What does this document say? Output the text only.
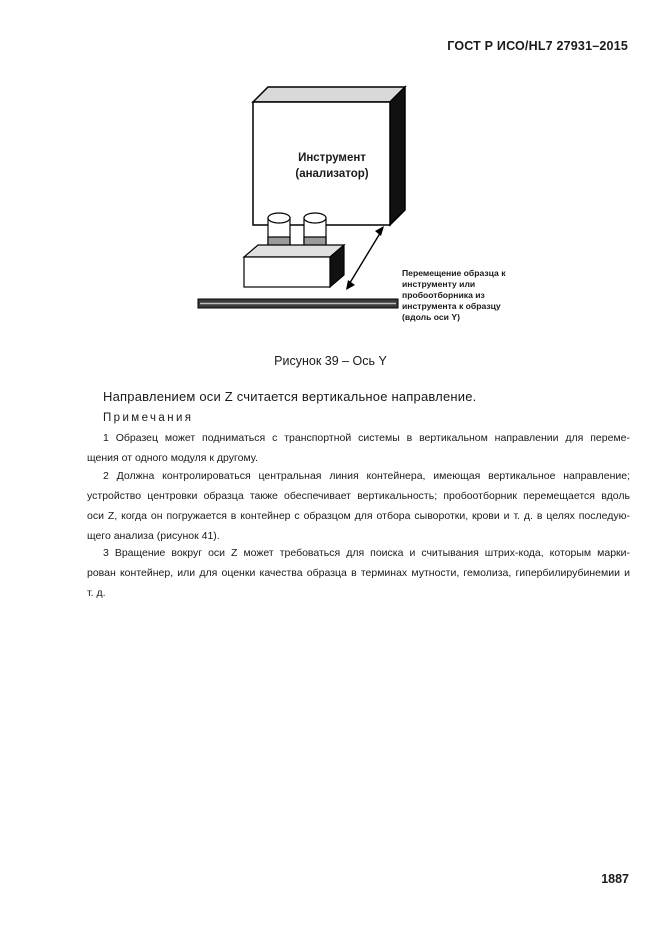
ГОСТ Р ИСО/HL7 27931–2015
Инструмент
(анализатор)
Перемещение образца к
инструменту или
пробоотборника из
инструмента к образцу
(вдоль оси Y)
Рисунок 39 – Ось Y
Направлением оси Z считается вертикальное направление.
Примечания
1 Образец может подниматься с транспортной системы в вертикальном направлении для переме-
щения от одного модуля к другому.
2 Должна контролироваться центральная линия контейнера, имеющая вертикальное направление;
устройство центровки образца также обеспечивает вертикальность; пробоотборник перемещается вдоль
оси Z, когда он погружается в контейнер с образцом для отбора сыворотки, крови и т. д. в целях последую-
щего анализа (рисунок 41).
3 Вращение вокруг оси Z может требоваться для поиска и считывания штрих-кода, которым марки-
рован контейнер, или для оценки качества образца в терминах мутности, гемолиза, гипербилирубинемии и
т. д.
1887
